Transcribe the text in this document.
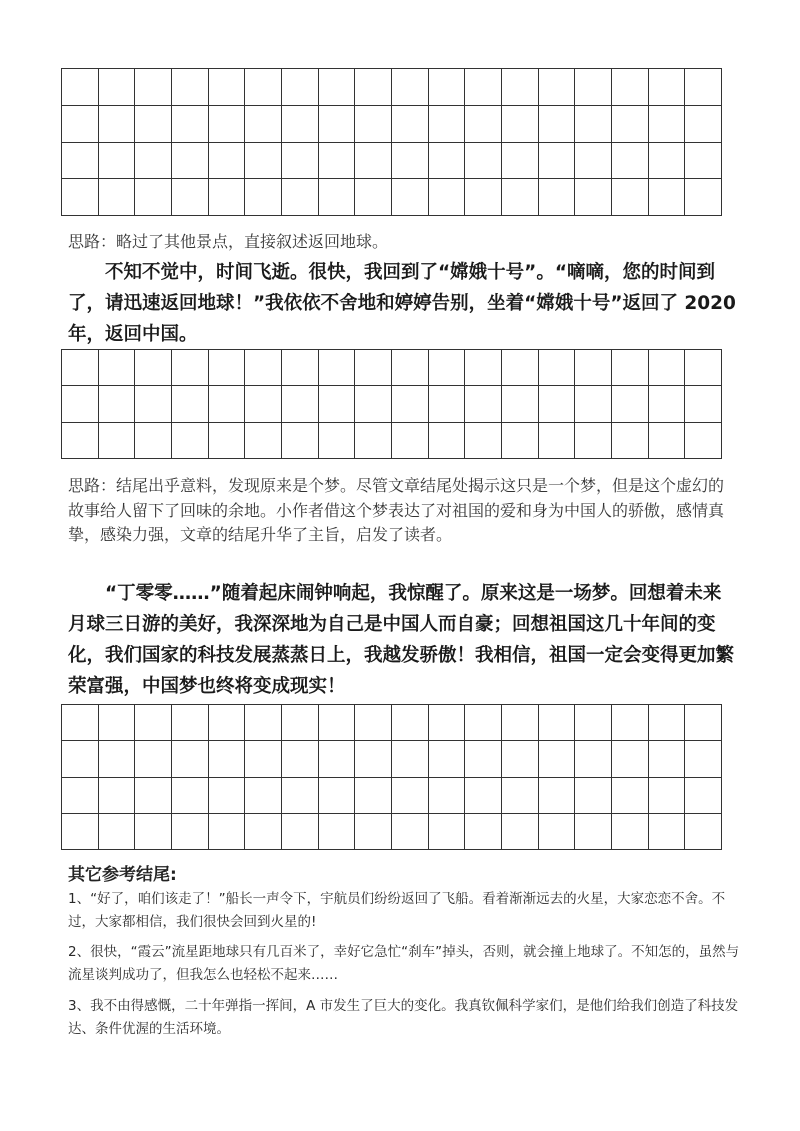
思路：略过了其他景点，直接叙述返回地球。

不知不觉中，时间飞逝。很快，我回到了“嫦娥十号”。“嘀嘀，您的时间到了，请迅速返回地球！”我依依不舍地和婷婷告别，坐着“嫦娥十号”返回了 2020 年，返回中国。

思路：结尾出乎意料，发现原来是个梦。尽管文章结尾处揭示这只是一个梦，但是这个虚幻的故事给人留下了回味的余地。小作者借这个梦表达了对祖国的爱和身为中国人的骄傲，感情真挚，感染力强，文章的结尾升华了主旨，启发了读者。

“丁零零……”随着起床闹钟响起，我惊醒了。原来这是一场梦。回想着未来月球三日游的美好，我深深地为自己是中国人而自豪；回想祖国这几十年间的变化，我们国家的科技发展蒸蒸日上，我越发骄傲！我相信，祖国一定会变得更加繁荣富强，中国梦也终将变成现实！

其它参考结尾:

1、“好了，咱们该走了！”船长一声令下，宇航员们纷纷返回了飞船。看着渐渐远去的火星，大家恋恋不舍。不过，大家都相信，我们很快会回到火星的!

2、很快，“霞云”流星距地球只有几百米了，幸好它急忙“刹车”掉头，否则，就会撞上地球了。不知怎的，虽然与流星谈判成功了，但我怎么也轻松不起来……

3、我不由得感慨，二十年弹指一挥间，A 市发生了巨大的变化。我真钦佩科学家们，是他们给我们创造了科技发达、条件优渥的生活环境。
